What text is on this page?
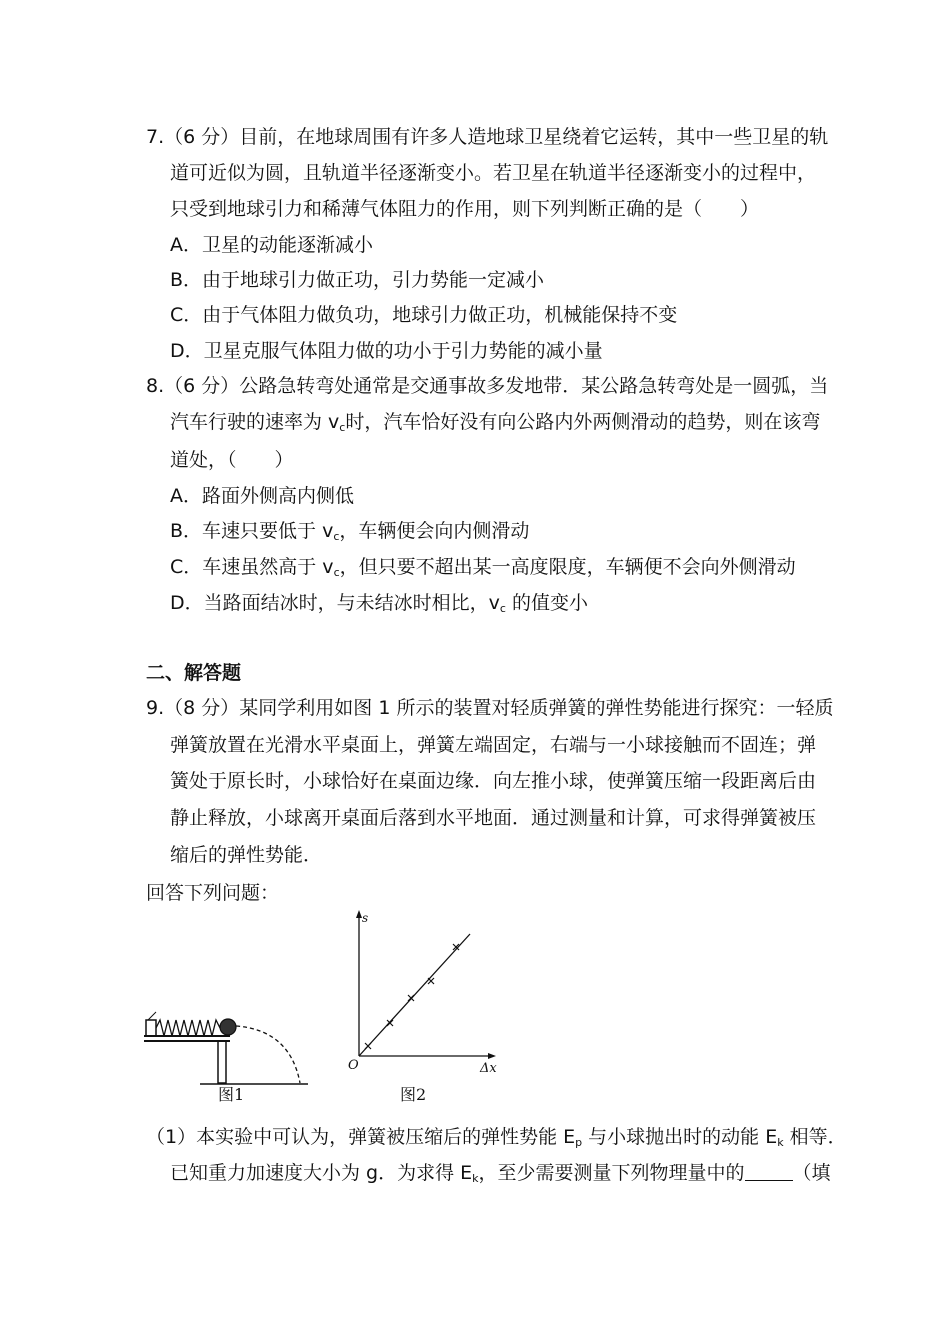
7.（6 分）目前，在地球周围有许多人造地球卫星绕着它运转，其中一些卫星的轨
道可近似为圆，且轨道半径逐渐变小。若卫星在轨道半径逐渐变小的过程中，
只受到地球引力和稀薄气体阻力的作用，则下列判断正确的是（　　）
A．卫星的动能逐渐减小
B．由于地球引力做正功，引力势能一定减小
C．由于气体阻力做负功，地球引力做正功，机械能保持不变
D．卫星克服气体阻力做的功小于引力势能的减小量
8.（6 分）公路急转弯处通常是交通事故多发地带．某公路急转弯处是一圆弧，当
汽车行驶的速率为 $v_c$时，汽车恰好没有向公路内外两侧滑动的趋势，则在该弯
道处，（　　）
A．路面外侧高内侧低
B．车速只要低于 $v_c$，车辆便会向内侧滑动
C．车速虽然高于 $v_c$，但只要不超出某一高度限度，车辆便不会向外侧滑动
D．当路面结冰时，与未结冰时相比，$v_c$ 的值变小
二、解答题
9.（8 分）某同学利用如图 1 所示的装置对轻质弹簧的弹性势能进行探究：一轻质
弹簧放置在光滑水平桌面上，弹簧左端固定，右端与一小球接触而不固连；弹
簧处于原长时，小球恰好在桌面边缘．向左推小球，使弹簧压缩一段距离后由
静止释放，小球离开桌面后落到水平地面．通过测量和计算，可求得弹簧被压
缩后的弹性势能．
回答下列问题：
s
Δx
O
图1	图2
（1）本实验中可认为，弹簧被压缩后的弹性势能 $E_p$ 与小球抛出时的动能 $E_k$ 相等．
已知重力加速度大小为 g．为求得 $E_k$，至少需要测量下列物理量中的	（填
